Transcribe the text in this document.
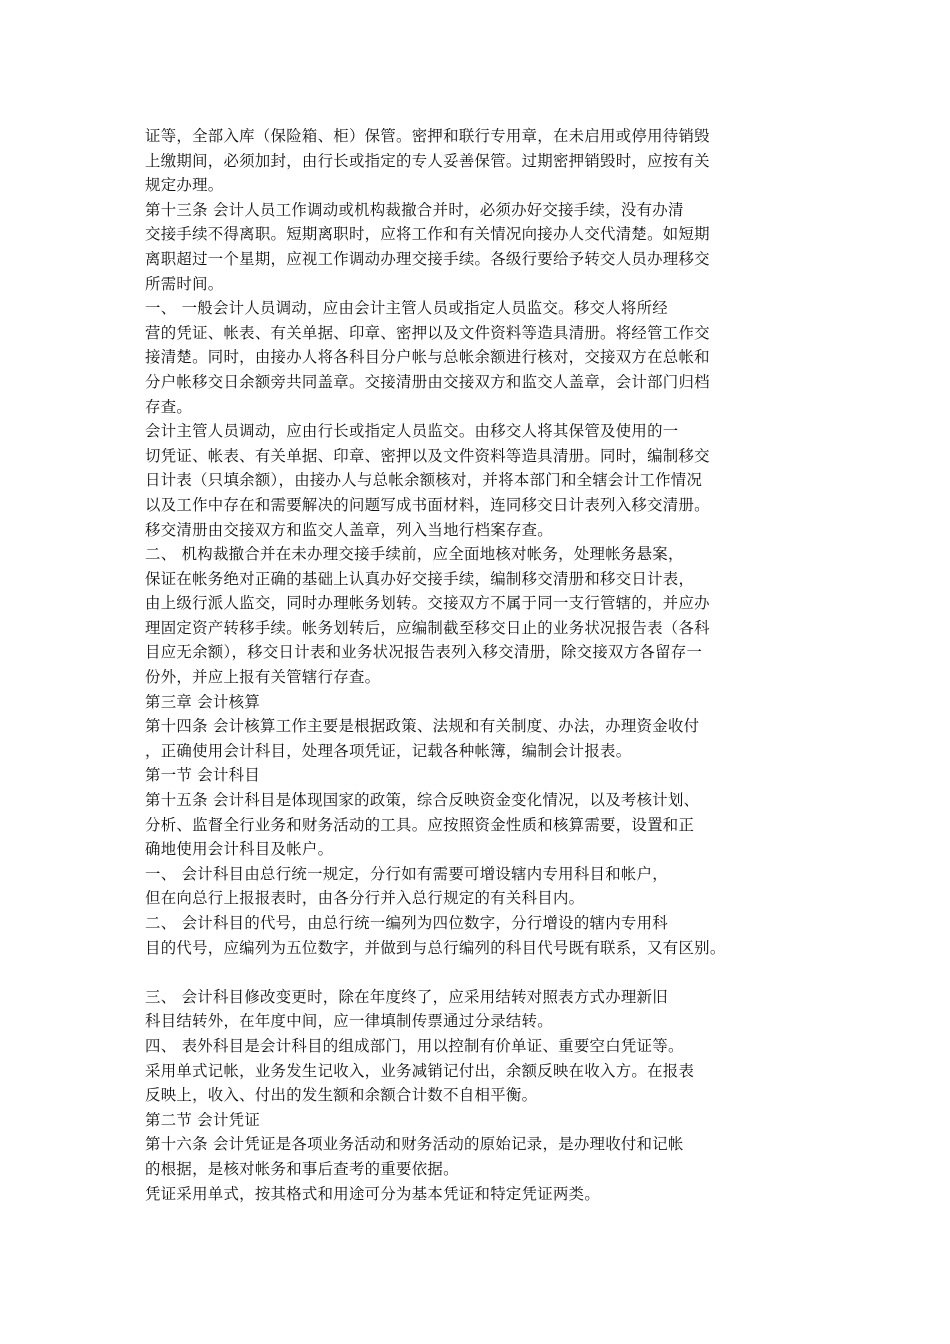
证等，全部入库（保险箱、柜）保管。密押和联行专用章，在未启用或停用待销毁
上缴期间，必须加封，由行长或指定的专人妥善保管。过期密押销毁时，应按有关
规定办理。
第十三条 会计人员工作调动或机构裁撤合并时，必须办好交接手续，没有办清
交接手续不得离职。短期离职时，应将工作和有关情况向接办人交代清楚。如短期
离职超过一个星期，应视工作调动办理交接手续。各级行要给予转交人员办理移交
所需时间。
一、 一般会计人员调动，应由会计主管人员或指定人员监交。移交人将所经
营的凭证、帐表、有关单据、印章、密押以及文件资料等造具清册。将经管工作交
接清楚。同时，由接办人将各科目分户帐与总帐余额进行核对，交接双方在总帐和
分户帐移交日余额旁共同盖章。交接清册由交接双方和监交人盖章，会计部门归档
存查。
会计主管人员调动，应由行长或指定人员监交。由移交人将其保管及使用的一
切凭证、帐表、有关单据、印章、密押以及文件资料等造具清册。同时，编制移交
日计表（只填余额），由接办人与总帐余额核对，并将本部门和全辖会计工作情况
以及工作中存在和需要解决的问题写成书面材料，连同移交日计表列入移交清册。
移交清册由交接双方和监交人盖章，列入当地行档案存查。
二、 机构裁撤合并在未办理交接手续前，应全面地核对帐务，处理帐务悬案，
保证在帐务绝对正确的基础上认真办好交接手续，编制移交清册和移交日计表，
由上级行派人监交，同时办理帐务划转。交接双方不属于同一支行管辖的，并应办
理固定资产转移手续。帐务划转后，应编制截至移交日止的业务状况报告表（各科
目应无余额），移交日计表和业务状况报告表列入移交清册，除交接双方各留存一
份外，并应上报有关管辖行存查。
第三章 会计核算
第十四条 会计核算工作主要是根据政策、法规和有关制度、办法，办理资金收付
，正确使用会计科目，处理各项凭证，记载各种帐簿，编制会计报表。
第一节 会计科目
第十五条 会计科目是体现国家的政策，综合反映资金变化情况，以及考核计划、
分析、监督全行业务和财务活动的工具。应按照资金性质和核算需要，设置和正
确地使用会计科目及帐户。
一、 会计科目由总行统一规定，分行如有需要可增设辖内专用科目和帐户，
但在向总行上报报表时，由各分行并入总行规定的有关科目内。
二、 会计科目的代号，由总行统一编列为四位数字，分行增设的辖内专用科
目的代号，应编列为五位数字，并做到与总行编列的科目代号既有联系，又有区别。
三、 会计科目修改变更时，除在年度终了，应采用结转对照表方式办理新旧
科目结转外，在年度中间，应一律填制传票通过分录结转。
四、 表外科目是会计科目的组成部门，用以控制有价单证、重要空白凭证等。
采用单式记帐，业务发生记收入，业务减销记付出，余额反映在收入方。在报表
反映上，收入、付出的发生额和余额合计数不自相平衡。
第二节 会计凭证
第十六条 会计凭证是各项业务活动和财务活动的原始记录，是办理收付和记帐
的根据，是核对帐务和事后查考的重要依据。
凭证采用单式，按其格式和用途可分为基本凭证和特定凭证两类。
